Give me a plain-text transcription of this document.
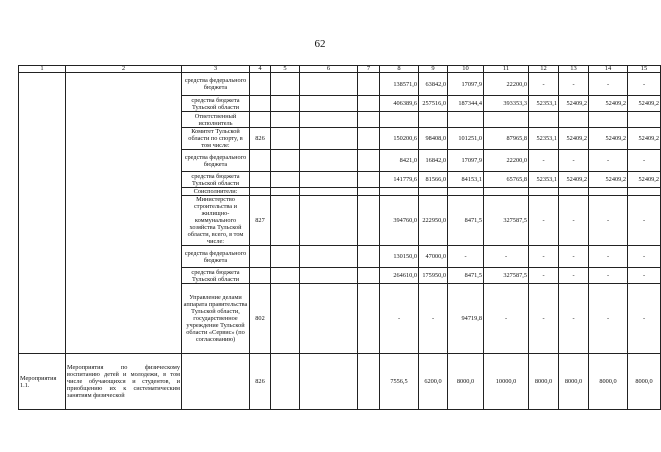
62
1	2	3	4	5	6	7	8	9	10	11	12	13	14	15
		средства федерального бюджета					138571,0	63842,0	17097,9	22200,0	-	-	-	-
		средства бюджета Тульской области					406389,6	257516,0	187344,4	393353,3	52353,1	52409,2	52409,2	52409,2
		Ответственный исполнитель												
		Комитет Тульской области по спорту, в том числе:	826				150200,6	98408,0	101251,0	87965,8	52353,1	52409,2	52409,2	52409,2
		средства федерального бюджета					8421,0	16842,0	17097,9	22200,0	-	-	-	-
		средства бюджета Тульской области					141779,6	81566,0	84153,1	65765,8	52353,1	52409,2	52409,2	52409,2
		Соисполнители:												
		Министерство строительства и жилищно-коммунального хозяйства Тульской области, всего, в том числе:	827				394760,0	222950,0	8471,5	327587,5	-	-	-	-
		средства федерального бюджета					130150,0	47000,0	-	-	-	-	-	-
		средства бюджета Тульской области					264610,0	175950,0	8471,5	327587,5	-	-	-	-
		Управление делами аппарата правительства Тульской области, государственное учреждение Тульской области «Сервис» (по согласованию)	802				-	-	94719,8	-	-	-	-	-
Мероприятия 1.1.	Мероприятия по физическому воспитанию детей и молодежи, в том числе обучающихся и студентов, и приобщению их к систематическим занятиям физической		826				7556,5	6200,0	8000,0	10000,0	8000,0	8000,0	8000,0	8000,0
